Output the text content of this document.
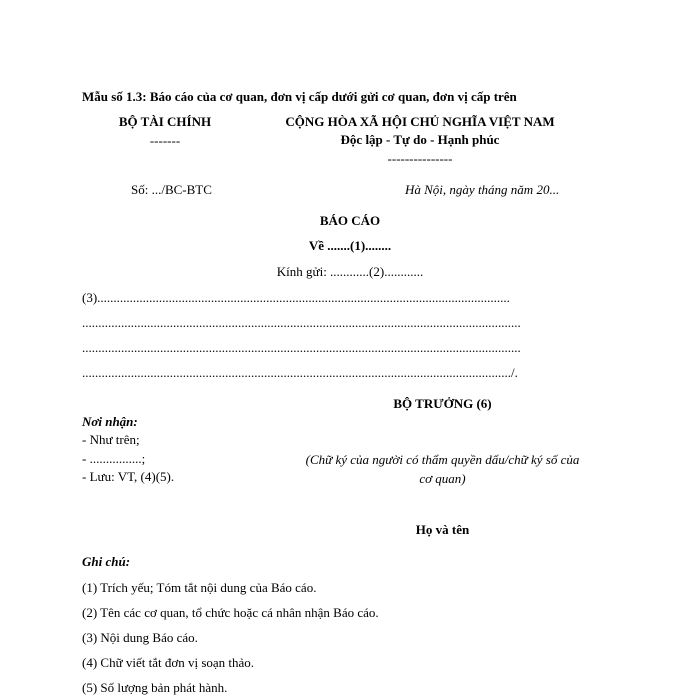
Mẫu số 1.3: Báo cáo của cơ quan, đơn vị cấp dưới gửi cơ quan, đơn vị cấp trên
BỘ TÀI CHÍNH
-------
CỘNG HÒA XÃ HỘI CHỦ NGHĨA VIỆT NAM
Độc lập - Tự do - Hạnh phúc
---------------
Số: .../BC-BTC	Hà Nội, ngày tháng năm 20...
BÁO CÁO
Về .......(1)........
Kính gửi: ............(2)............
(3)...............................................................................................................................
.......................................................................................................................................
.......................................................................................................................................
..................................................................................................................................../.
BỘ TRƯỞNG (6)
Nơi nhận:
- Như trên;
- ................;
- Lưu: VT, (4)(5).
(Chữ ký của người có thẩm quyền dấu/chữ ký số của cơ quan)
Họ và tên
Ghi chú:
(1) Trích yếu; Tóm tắt nội dung của Báo cáo.
(2) Tên các cơ quan, tổ chức hoặc cá nhân nhận Báo cáo.
(3) Nội dung Báo cáo.
(4) Chữ viết tắt đơn vị soạn thảo.
(5) Số lượng bản phát hành.
